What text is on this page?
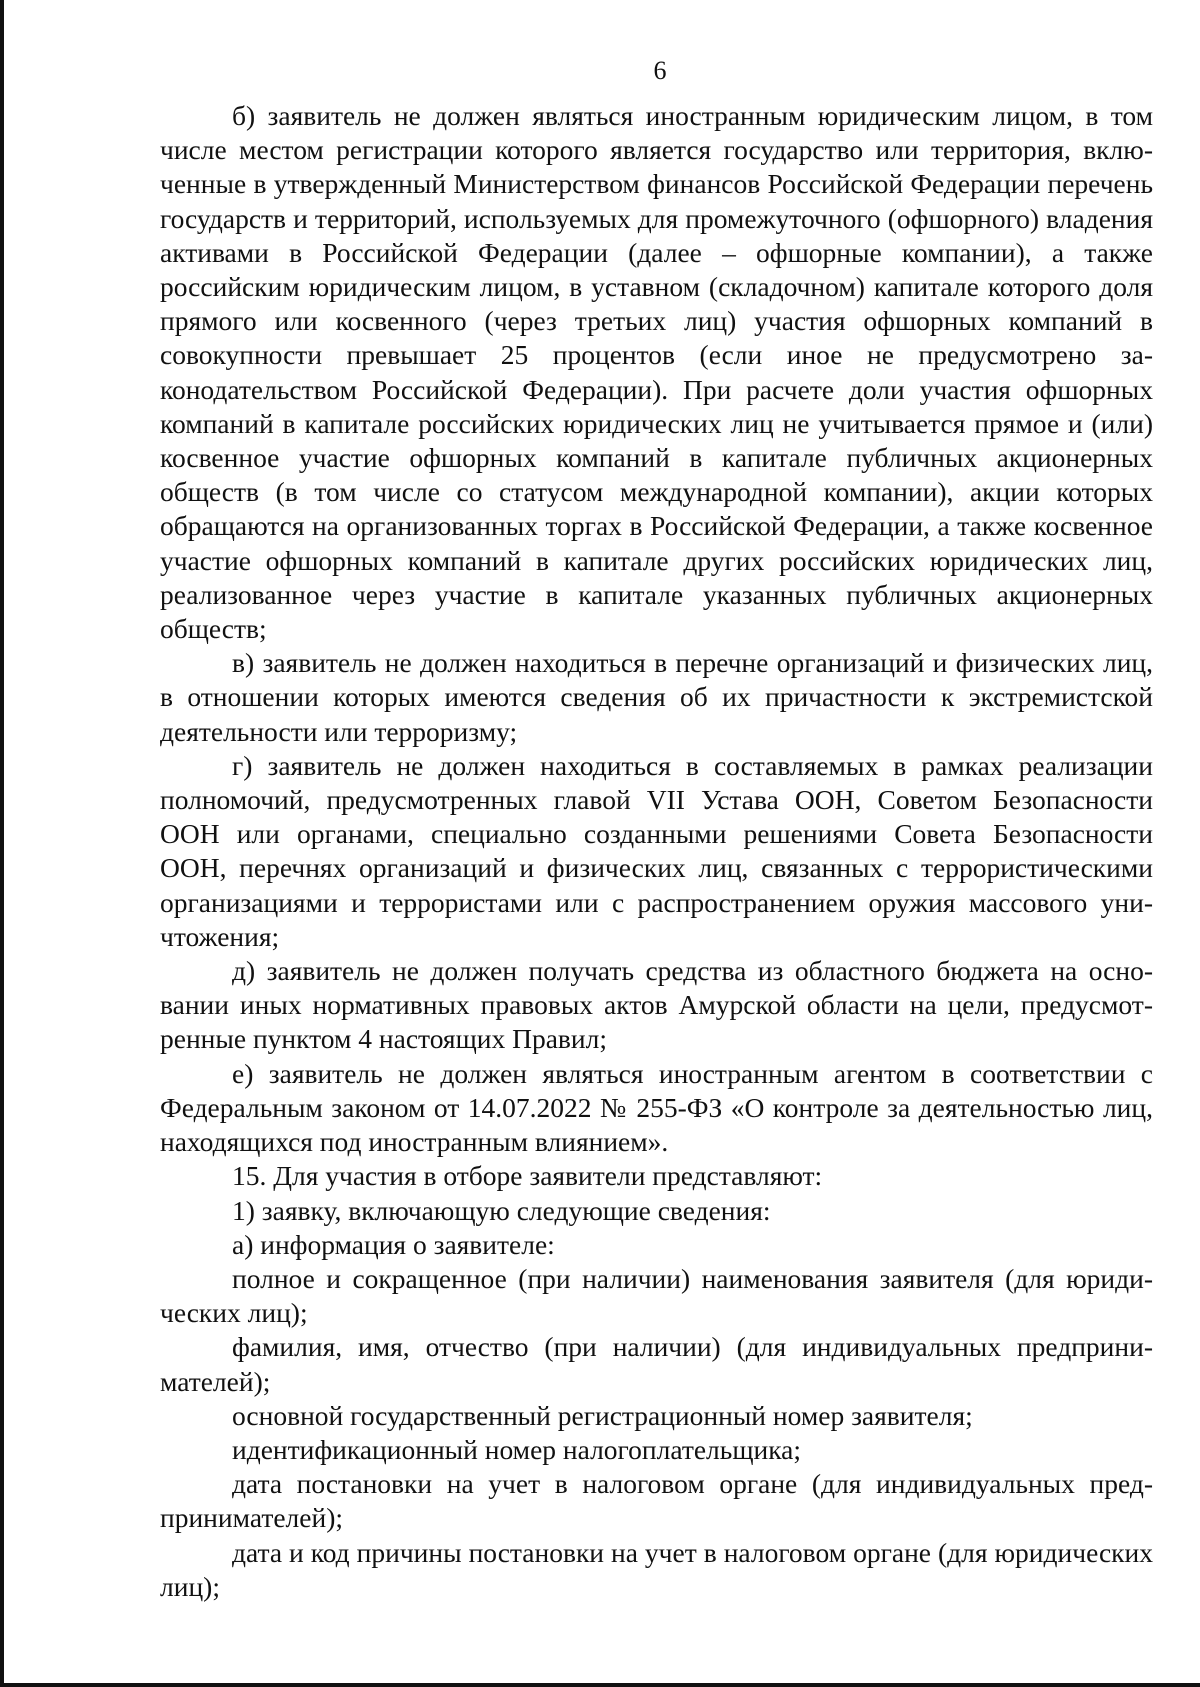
6

б) заявитель не должен являться иностранным юридическим лицом, в том числе местом регистрации которого является государство или территория, включенные в утвержденный Министерством финансов Российской Федерации перечень государств и территорий, используемых для промежуточного (офшорного) владения активами в Российской Федерации (далее – офшорные компании), а также российским юридическим лицом, в уставном (складочном) капитале которого доля прямого или косвенного (через третьих лиц) участия офшорных компаний в совокупности превышает 25 процентов (если иное не предусмотрено законодательством Российской Федерации). При расчете доли участия офшорных компаний в капитале российских юридических лиц не учитывается прямое и (или) косвенное участие офшорных компаний в капитале публичных акционерных обществ (в том числе со статусом международной компании), акции которых обращаются на организованных торгах в Российской Федерации, а также косвенное участие офшорных компаний в капитале других российских юридических лиц, реализованное через участие в капитале указанных публичных акционерных обществ;

в) заявитель не должен находиться в перечне организаций и физических лиц, в отношении которых имеются сведения об их причастности к экстремистской деятельности или терроризму;

г) заявитель не должен находиться в составляемых в рамках реализации полномочий, предусмотренных главой VII Устава ООН, Советом Безопасности ООН или органами, специально созданными решениями Совета Безопасности ООН, перечнях организаций и физических лиц, связанных с террористическими организациями и террористами или с распространением оружия массового уничтожения;

д) заявитель не должен получать средства из областного бюджета на основании иных нормативных правовых актов Амурской области на цели, предусмотренные пунктом 4 настоящих Правил;

е) заявитель не должен являться иностранным агентом в соответствии с Федеральным законом от 14.07.2022 № 255-ФЗ «О контроле за деятельностью лиц, находящихся под иностранным влиянием».

15. Для участия в отборе заявители представляют:

1) заявку, включающую следующие сведения:

а) информация о заявителе:

полное и сокращенное (при наличии) наименования заявителя (для юридических лиц);

фамилия, имя, отчество (при наличии) (для индивидуальных предпринимателей);

основной государственный регистрационный номер заявителя;

идентификационный номер налогоплательщика;

дата постановки на учет в налоговом органе (для индивидуальных предпринимателей);

дата и код причины постановки на учет в налоговом органе (для юридических лиц);
